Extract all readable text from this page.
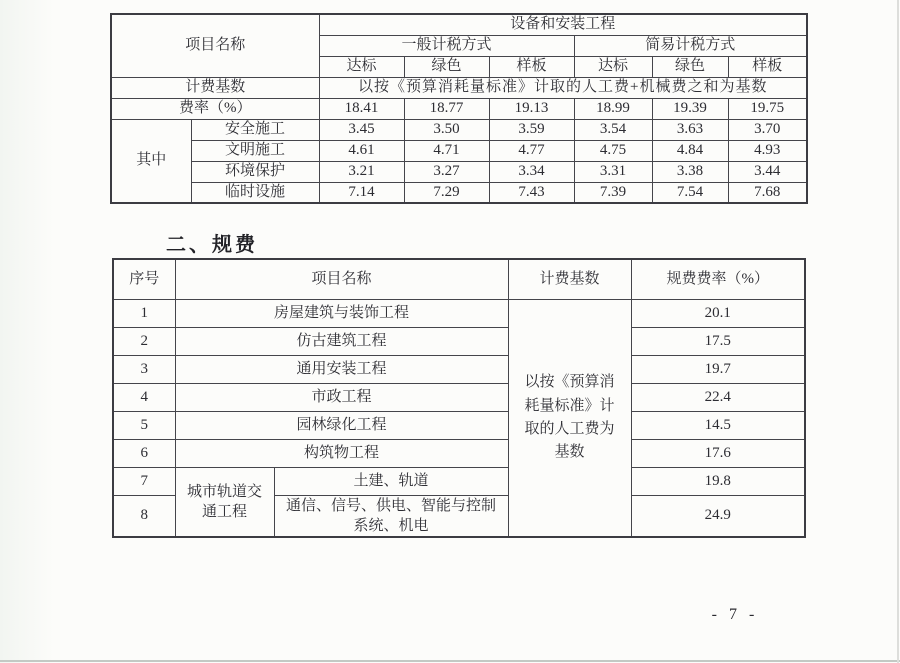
项目名称		设备和安装工程					
		一般计税方式			简易计税方式		
		达标	绿色	样板	达标	绿色	样板
计费基数		以按《预算消耗量标准》计取的人工费+机械费之和为基数					
费率（%）		18.41	18.77	19.13	18.99	19.39	19.75
其中	安全施工	3.45	3.50	3.59	3.54	3.63	3.70
	文明施工	4.61	4.71	4.77	4.75	4.84	4.93
	环境保护	3.21	3.27	3.34	3.31	3.38	3.44
	临时设施	7.14	7.29	7.43	7.39	7.54	7.68
二、规费
序号	项目名称		计费基数	规费费率（%）
1	房屋建筑与装饰工程		以按《预算消耗量标准》计取的人工费为基数	20.1
2	仿古建筑工程			17.5
3	通用安装工程			19.7
4	市政工程			22.4
5	园林绿化工程			14.5
6	构筑物工程			17.6
7	城市轨道交通工程	土建、轨道		19.8
8		通信、信号、供电、智能与控制系统、机电		24.9
- 7 -
